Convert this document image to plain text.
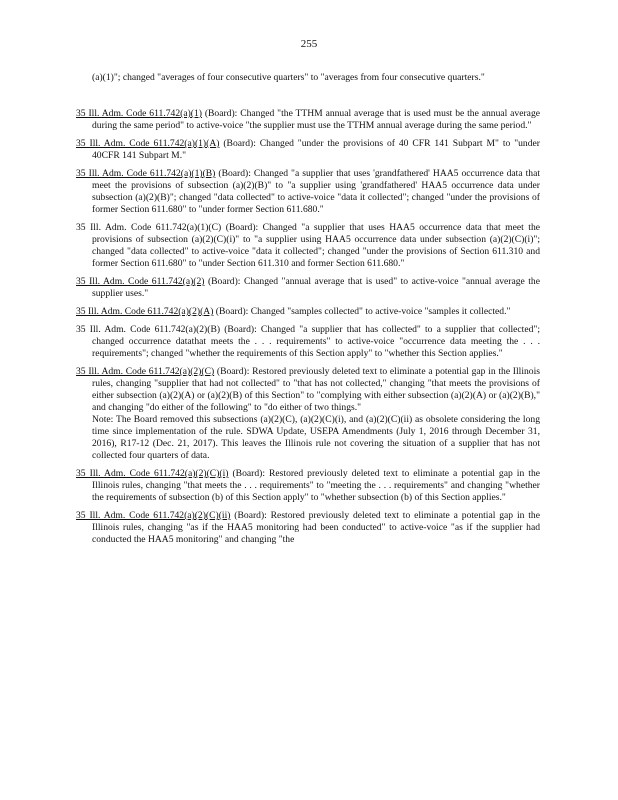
255
(a)(1)"; changed "averages of four consecutive quarters" to "averages from four consecutive quarters."
35 Ill. Adm. Code 611.742(a)(1) (Board): Changed "the TTHM annual average that is used must be the annual average during the same period" to active-voice "the supplier must use the TTHM annual average during the same period."
35 Ill. Adm. Code 611.742(a)(1)(A) (Board): Changed "under the provisions of 40 CFR 141 Subpart M" to "under 40CFR 141 Subpart M."
35 Ill. Adm. Code 611.742(a)(1)(B) (Board): Changed "a supplier that uses 'grandfathered' HAA5 occurrence data that meet the provisions of subsection (a)(2)(B)" to "a supplier using 'grandfathered' HAA5 occurrence data under subsection (a)(2)(B)"; changed "data collected" to active-voice "data it collected"; changed "under the provisions of former Section 611.680" to "under former Section 611.680."
35 Ill. Adm. Code 611.742(a)(1)(C) (Board): Changed "a supplier that uses HAA5 occurrence data that meet the provisions of subsection (a)(2)(C)(i)" to "a supplier using HAA5 occurrence data under subsection (a)(2)(C)(i)"; changed "data collected" to active-voice "data it collected"; changed "under the provisions of Section 611.310 and former Section 611.680" to "under Section 611.310 and former Section 611.680."
35 Ill. Adm. Code 611.742(a)(2) (Board): Changed "annual average that is used" to active-voice "annual average the supplier uses."
35 Ill. Adm. Code 611.742(a)(2)(A) (Board): Changed "samples collected" to active-voice "samples it collected."
35 Ill. Adm. Code 611.742(a)(2)(B) (Board): Changed "a supplier that has collected" to a supplier that collected"; changed occurrence datathat meets the . . . requirements" to active-voice "occurrence data meeting the . . . requirements"; changed "whether the requirements of this Section apply" to "whether this Section applies."
35 Ill. Adm. Code 611.742(a)(2)(C) (Board): Restored previously deleted text to eliminate a potential gap in the Illinois rules, changing "supplier that had not collected" to "that has not collected," changing "that meets the provisions of either subsection (a)(2)(A) or (a)(2)(B) of this Section" to "complying with either subsection (a)(2)(A) or (a)(2)(B)," and changing "do either of the following" to "do either of two things."
Note: The Board removed this subsections (a)(2)(C), (a)(2)(C)(i), and (a)(2)(C)(ii) as obsolete considering the long time since implementation of the rule. SDWA Update, USEPA Amendments (July 1, 2016 through December 31, 2016), R17-12 (Dec. 21, 2017). This leaves the Illinois rule not covering the situation of a supplier that has not collected four quarters of data.
35 Ill. Adm. Code 611.742(a)(2)(C)(i) (Board): Restored previously deleted text to eliminate a potential gap in the Illinois rules, changing "that meets the . . . requirements" to "meeting the . . . requirements" and changing "whether the requirements of subsection (b) of this Section apply" to "whether subsection (b) of this Section applies."
35 Ill. Adm. Code 611.742(a)(2)(C)(ii) (Board): Restored previously deleted text to eliminate a potential gap in the Illinois rules, changing "as if the HAA5 monitoring had been conducted" to active-voice "as if the supplier had conducted the HAA5 monitoring" and changing "the
